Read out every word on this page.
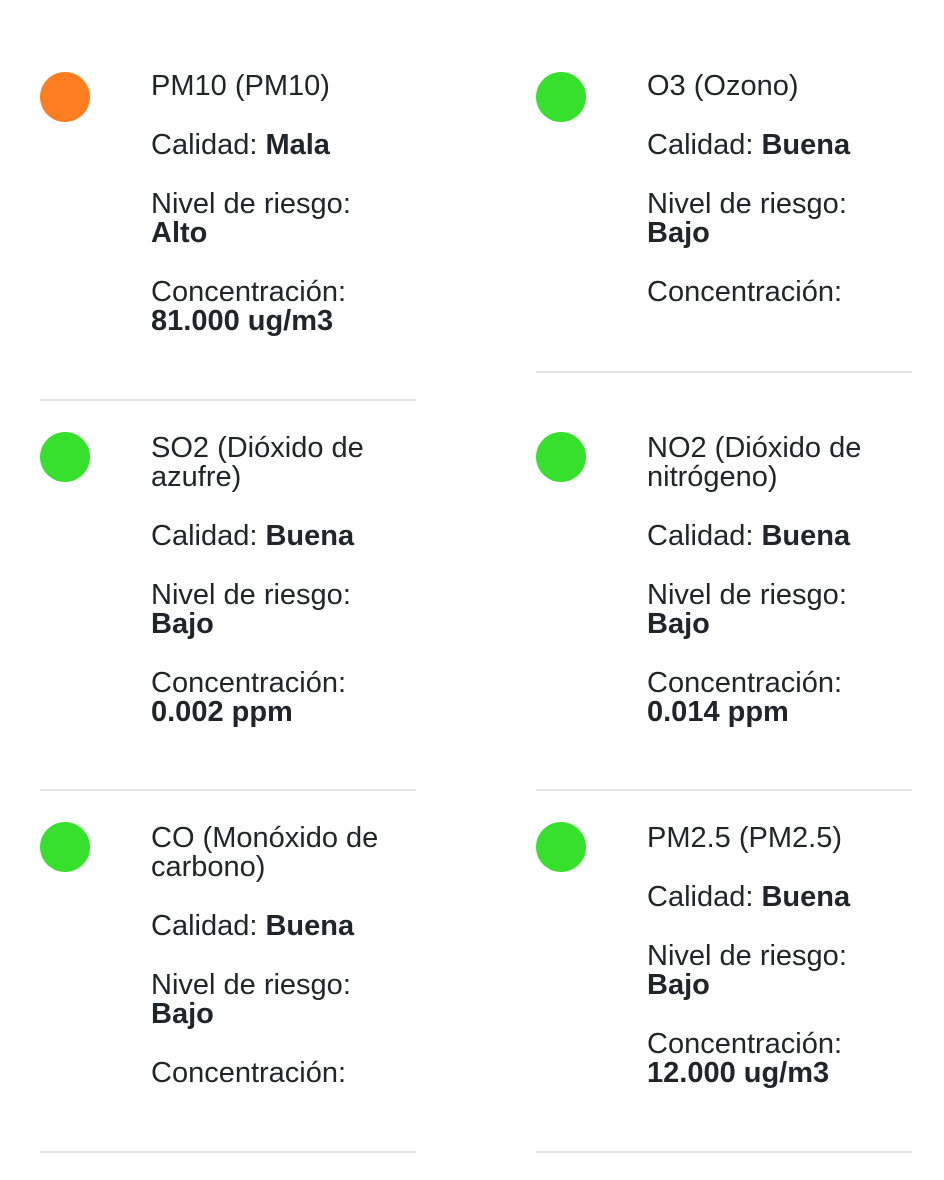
PM10 (PM10)
Calidad: Mala
Nivel de riesgo:
Alto
Concentración:
81.000 ug/m3
O3 (Ozono)
Calidad: Buena
Nivel de riesgo:
Bajo
Concentración:
SO2 (Dióxido de azufre)
Calidad: Buena
Nivel de riesgo:
Bajo
Concentración:
0.002 ppm
NO2 (Dióxido de nitrógeno)
Calidad: Buena
Nivel de riesgo:
Bajo
Concentración:
0.014 ppm
CO (Monóxido de carbono)
Calidad: Buena
Nivel de riesgo:
Bajo
Concentración:
PM2.5 (PM2.5)
Calidad: Buena
Nivel de riesgo:
Bajo
Concentración:
12.000 ug/m3
